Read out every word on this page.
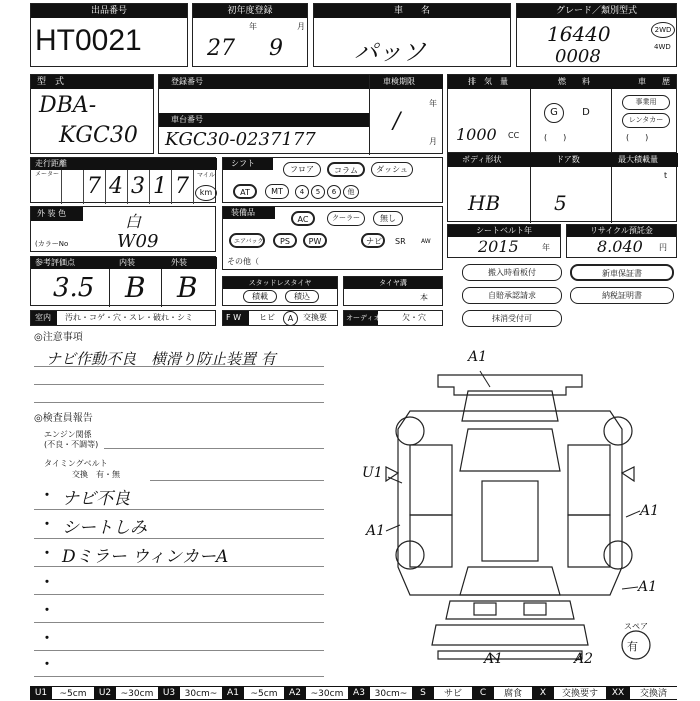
出品番号
HT0021
初年度登録
年	月
27 9
車　　名
パッソ
グレード／類別型式
16440
0008
2WD
4WD
型　式
DBA-
KGC30
登録番号	車検期限
車台番号
KGC30-0237177
年
月
/
排　気　量	燃　　料	車　　歴
1000 CC
G	D
(　　)
事業用
レンタカー
(　　)
走行距離
メーター 7 4 3 1 7 マイル
km
シフト
フロア	コラム	ダッシュ
AT	MT	4	5	6	他
ボディ形状	ドア数	最大積載量
HB	5
t
外 装 色	白
(カラーNo	W09
装備品
AC	クーラー	無し
エアバッグ	PS	PW	ナビ	SR	AW
その他（
シートベルト年
2015	年
リサイクル預託金
8.040 円
参考評価点	内装	外装
3.5 B B	スタッドレスタイヤ
積載	積込
タイヤ溝
本
搬入時看板付	新車保証書
自賠承認請求	納税証明書
抹消受付可
室内 汚れ・コゲ・穴・スレ・破れ・シミ	F W ヒビ	A	交換要	オーディオ	欠・穴
◎注意事項
ナビ作動不良　横滑り防止装置 有
◎検査員報告
エンジン関係
(不良・不調等)
タイミングベルト
交換　有・無
・ ナビ不良
・ シートしみ
・ Dミラー ウィンカーA
・
・
・
・
A1
U1
A1
A1
A1
A1	A2
スペア
有
U1	~5cm	U2	~30cm	U3	30cm~	A1	~5cm	A2	~30cm	A3	30cm~	S	サビ	C	腐食	X	交換要す	XX	交換済
